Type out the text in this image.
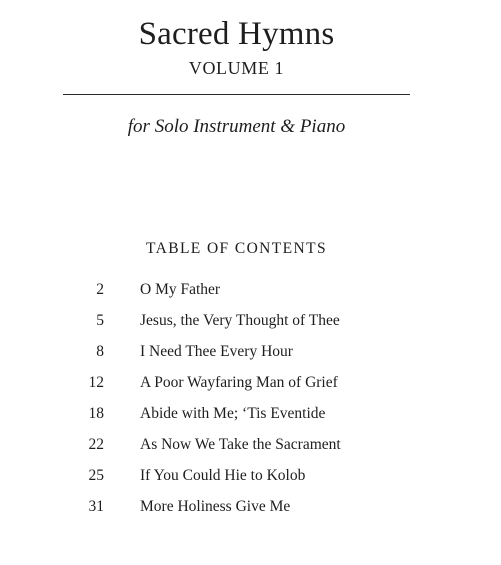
Sacred Hymns
VOLUME 1
for Solo Instrument & Piano
TABLE OF CONTENTS
2 O My Father
5 Jesus, the Very Thought of Thee
8 I Need Thee Every Hour
12 A Poor Wayfaring Man of Grief
18 Abide with Me; ‘Tis Eventide
22 As Now We Take the Sacrament
25 If You Could Hie to Kolob
31 More Holiness Give Me
